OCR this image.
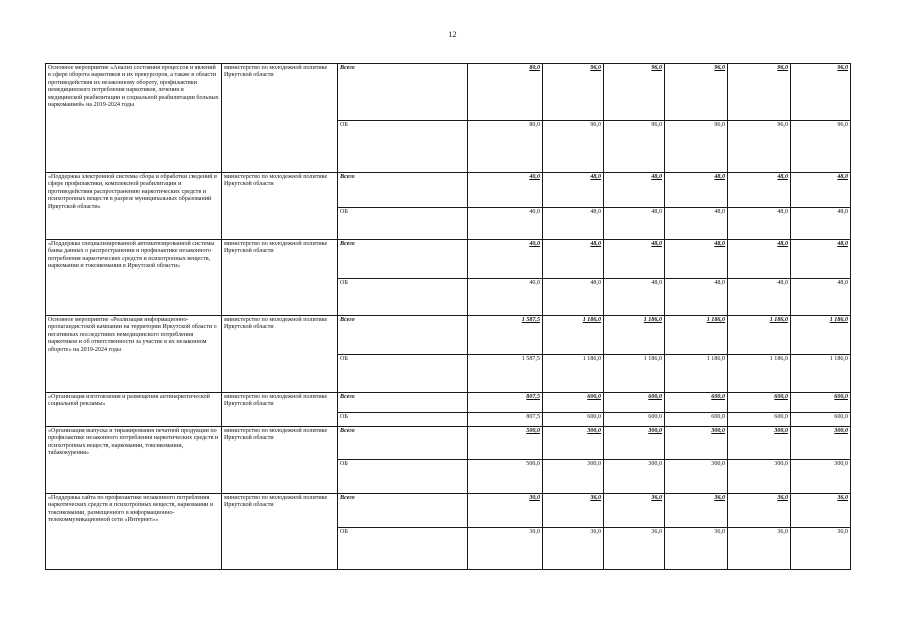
12
Основное мероприятие «Анализ состояния процессов и явлений в сфере оборота наркотиков и их прекурсоров, а также в области противодействия их незаконному обороту, профилактики немедицинского потребления наркотиков, лечения и медицинской реабилитации и социальной реабилитации больных наркоманией» на 2019-2024 годы	министерство по молодежной политике Иркутской области	Всего	80,0	96,0	96,0	96,0	96,0	96,0
		ОБ	80,0	96,0	96,0	96,0	96,0	96,0
«Поддержка электронной системы сбора и обработки сведений в сфере профилактики, комплексной реабилитации и противодействия распространению наркотических средств и психотропных веществ в разрезе муниципальных образований Иркутской области»	министерство по молодежной политике Иркутской области	Всего	40,0	48,0	48,0	48,0	48,0	48,0
		ОБ	40,0	48,0	48,0	48,0	48,0	48,0
«Поддержка специализированной автоматизированной системы банка данных о распространении и профилактике незаконного потребления наркотических средств и психотропных веществ, наркомании и токсикомании в Иркутской области»	министерство по молодежной политике Иркутской области	Всего	40,0	48,0	48,0	48,0	48,0	48,0
		ОБ	40,0	48,0	48,0	48,0	48,0	48,0
Основное мероприятие «Реализация информационно-пропагандистской кампании на территории Иркутской области о негативных последствиях немедицинского потребления наркотиков и об ответственности за участие в их незаконном обороте» на 2019-2024 годы	министерство по молодежной политике Иркутской области	Всего	1 587,5	1 186,0	1 186,0	1 186,0	1 186,0	1 186,0
		ОБ	1 587,5	1 186,0	1 186,0	1 186,0	1 186,0	1 186,0
«Организация изготовления и размещения антинаркотической социальной рекламы»	министерство по молодежной политике Иркутской области	Всего	807,5	600,0	600,0	600,0	600,0	600,0
		ОБ	807,5	600,0	600,0	600,0	600,0	600,0
«Организация выпуска и тиражирования печатной продукции по профилактике незаконного потребления наркотических средств и психотропных веществ, наркомании, токсикомании, табакокурения»	министерство по молодежной политике Иркутской области	Всего	500,0	300,0	300,0	300,0	300,0	300,0
		ОБ	500,0	300,0	300,0	300,0	300,0	300,0
«Поддержка сайта по профилактике незаконного потребления наркотических средств и психотропных веществ, наркомании и токсикомании, размещенного в информационно-телекоммуникационной сети «Интернет»»	министерство по молодежной политике Иркутской области	Всего	30,0	36,0	36,0	36,0	36,0	36,0
		ОБ	30,0	36,0	36,0	36,0	36,0	36,0
